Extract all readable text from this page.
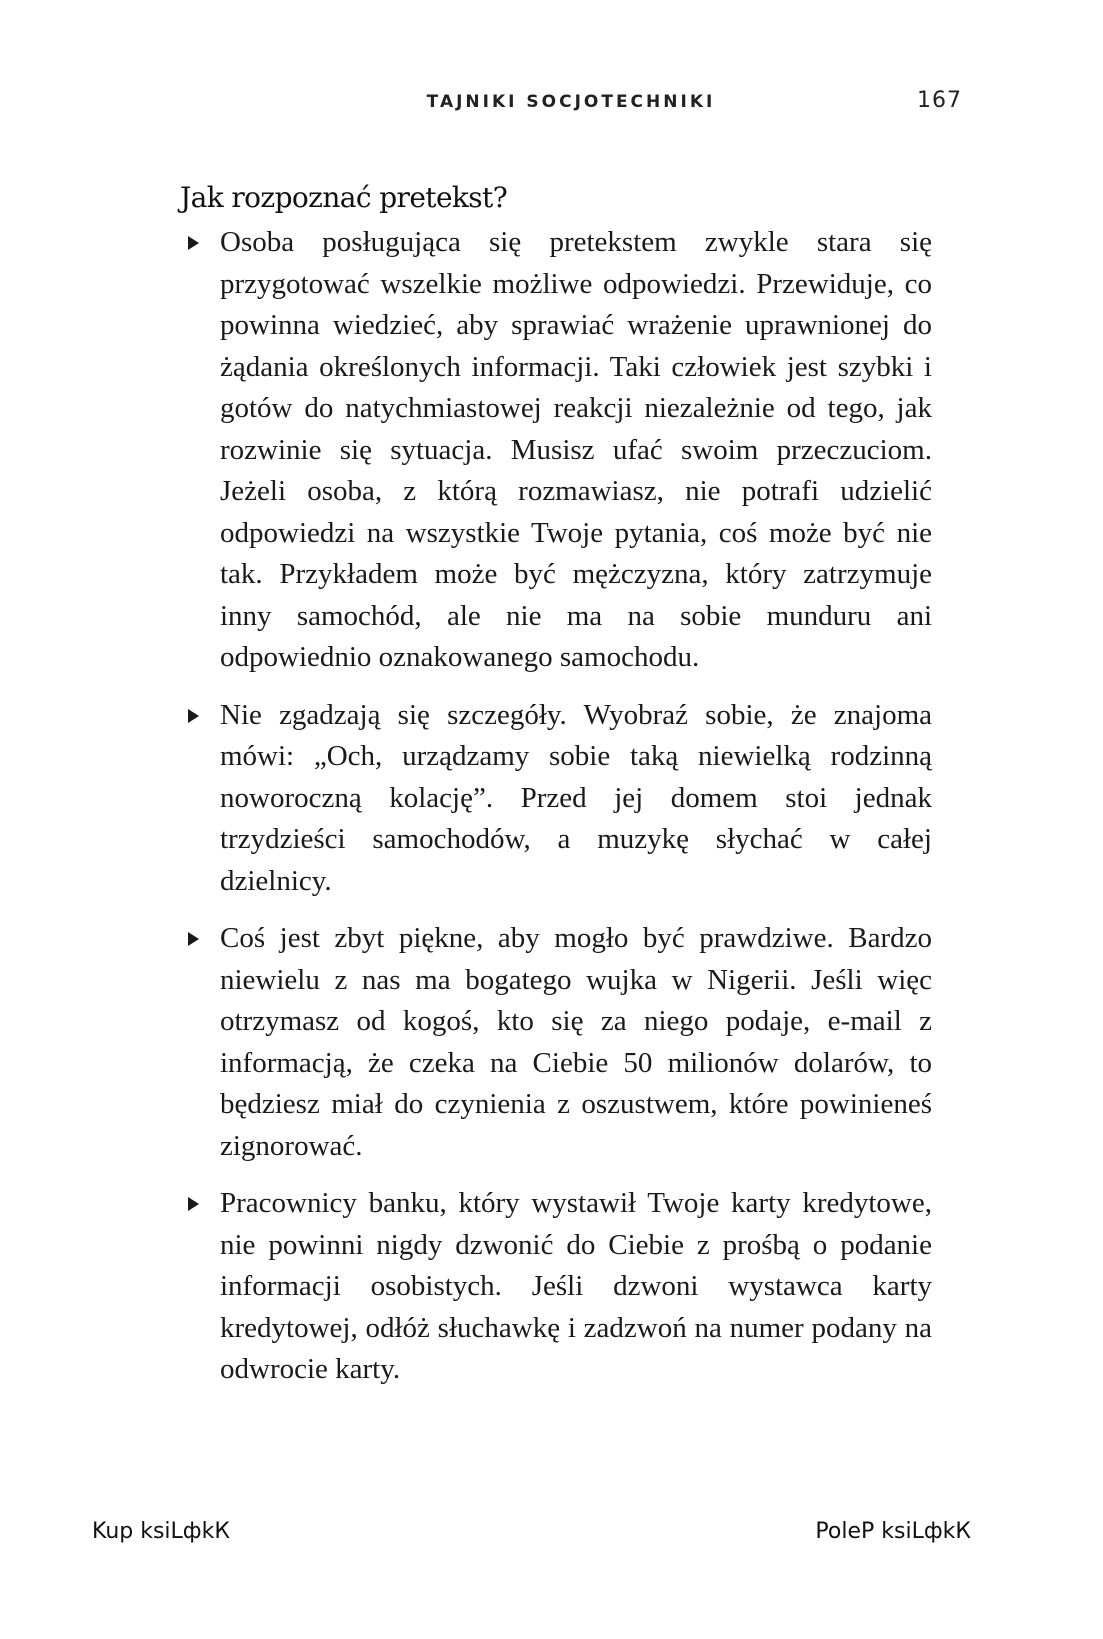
TAJNIKI SOCJOTECHNIKI	167
Jak rozpoznać pretekst?

Osoba posługująca się pretekstem zwykle stara się przygotować wszelkie możliwe odpowiedzi. Przewiduje, co powinna wiedzieć, aby sprawiać wrażenie uprawnionej do żądania określonych informacji. Taki człowiek jest szybki i gotów do natychmiastowej reakcji niezależnie od tego, jak rozwinie się sytuacja. Musisz ufać swoim przeczuciom. Jeżeli osoba, z którą rozmawiasz, nie potrafi udzielić odpowiedzi na wszystkie Twoje pytania, coś może być nie tak. Przykładem może być mężczyzna, który zatrzymuje inny samochód, ale nie ma na sobie munduru ani odpowiednio oznakowanego samochodu.

Nie zgadzają się szczegóły. Wyobraź sobie, że znajoma mówi: „Och, urządzamy sobie taką niewielką rodzinną noworoczną kolację”. Przed jej domem stoi jednak trzydzieści samochodów, a muzykę słychać w całej dzielnicy.

Coś jest zbyt piękne, aby mogło być prawdziwe. Bardzo niewielu z nas ma bogatego wujka w Nigerii. Jeśli więc otrzymasz od kogoś, kto się za niego podaje, e-mail z informacją, że czeka na Ciebie 50 milionów dolarów, to będziesz miał do czynienia z oszustwem, które powinieneś zignorować.

Pracownicy banku, który wystawił Twoje karty kredytowe, nie powinni nigdy dzwonić do Ciebie z prośbą o podanie informacji osobistych. Jeśli dzwoni wystawca karty kredytowej, odłóż słuchawkę i zadzwoń na numer podany na odwrocie karty.

Kup ksiLфkК	PoleР ksiLфkК
